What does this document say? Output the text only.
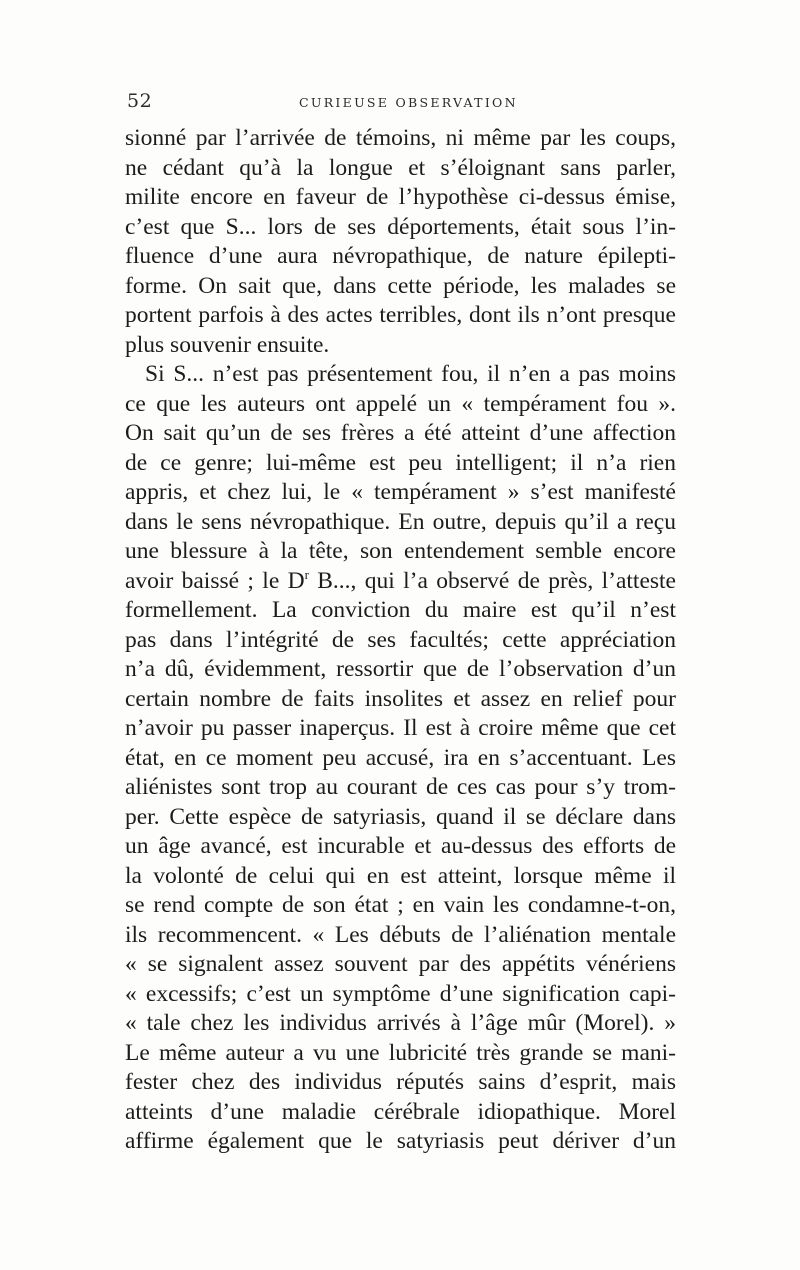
52	CURIEUSE OBSERVATION
sionné par l’arrivée de témoins, ni même par les coups,
ne cédant qu’à la longue et s’éloignant sans parler,
milite encore en faveur de l’hypothèse ci-dessus émise,
c’est que S... lors de ses déportements, était sous l’in-
fluence d’une aura névropathique, de nature épilepti-
forme. On sait que, dans cette période, les malades se
portent parfois à des actes terribles, dont ils n’ont presque
plus souvenir ensuite.
Si S... n’est pas présentement fou, il n’en a pas moins
ce que les auteurs ont appelé un « tempérament fou ».
On sait qu’un de ses frères a été atteint d’une affection
de ce genre; lui-même est peu intelligent; il n’a rien
appris, et chez lui, le « tempérament » s’est manifesté
dans le sens névropathique. En outre, depuis qu’il a reçu
une blessure à la tête, son entendement semble encore
avoir baissé ; le $D^r$ B..., qui l’a observé de près, l’atteste
formellement. La conviction du maire est qu’il n’est
pas dans l’intégrité de ses facultés; cette appréciation
n’a dû, évidemment, ressortir que de l’observation d’un
certain nombre de faits insolites et assez en relief pour
n’avoir pu passer inaperçus. Il est à croire même que cet
état, en ce moment peu accusé, ira en s’accentuant. Les
aliénistes sont trop au courant de ces cas pour s’y trom-
per. Cette espèce de satyriasis, quand il se déclare dans
un âge avancé, est incurable et au-dessus des efforts de
la volonté de celui qui en est atteint, lorsque même il
se rend compte de son état ; en vain les condamne-t-on,
ils recommencent. « Les débuts de l’aliénation mentale
« se signalent assez souvent par des appétits vénériens
« excessifs; c’est un symptôme d’une signification capi-
« tale chez les individus arrivés à l’âge mûr (Morel). »
Le même auteur a vu une lubricité très grande se mani-
fester chez des individus réputés sains d’esprit, mais
atteints d’une maladie cérébrale idiopathique. Morel
affirme également que le satyriasis peut dériver d’un
